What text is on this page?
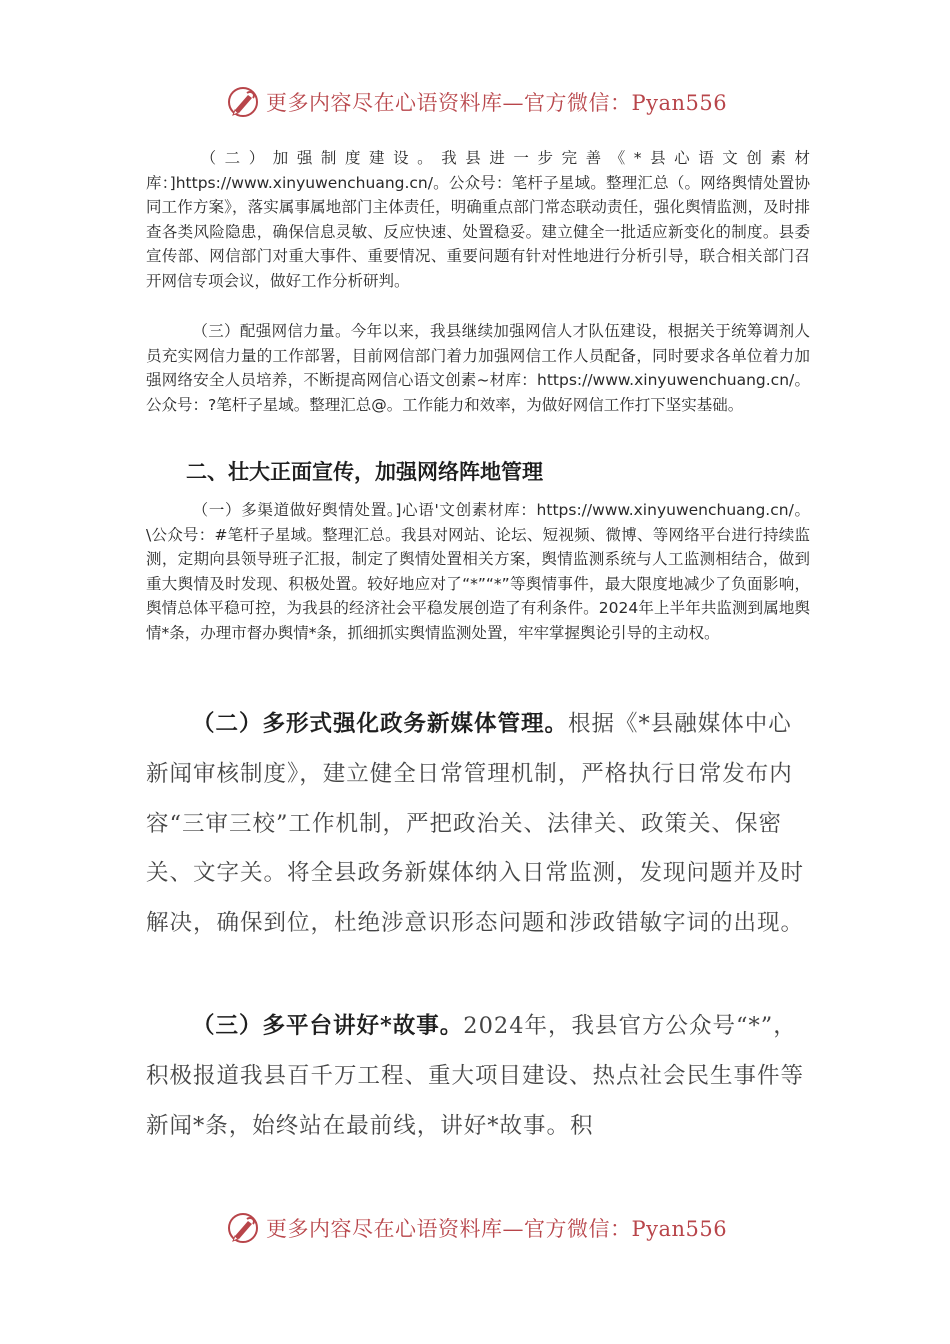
更多内容尽在心语资料库—官方微信：Pyan556

（二）加强制度建设。我县进一步完善《*县心语文创素材库：]https://www.xinyuwenchuang.cn/。公众号：笔杆子星域。整理汇总（。网络舆情处置协同工作方案》，落实属事属地部门主体责任，明确重点部门常态联动责任，强化舆情监测，及时排查各类风险隐患，确保信息灵敏、反应快速、处置稳妥。建立健全一批适应新变化的制度。县委宣传部、网信部门对重大事件、重要情况、重要问题有针对性地进行分析引导，联合相关部门召开网信专项会议，做好工作分析研判。

（三）配强网信力量。今年以来，我县继续加强网信人才队伍建设，根据关于统筹调剂人员充实网信力量的工作部署，目前网信部门着力加强网信工作人员配备，同时要求各单位着力加强网络安全人员培养，不断提高网信心语文创素~材库：https://www.xinyuwenchuang.cn/。公众号：?笔杆子星域。整理汇总@。工作能力和效率，为做好网信工作打下坚实基础。

二、壮大正面宣传，加强网络阵地管理

（一）多渠道做好舆情处置。]心语'文创素材库：https://www.xinyuwenchuang.cn/。\公众号：#笔杆子星域。整理汇总。我县对网站、论坛、短视频、微博、等网络平台进行持续监测，定期向县领导班子汇报，制定了舆情处置相关方案，舆情监测系统与人工监测相结合，做到重大舆情及时发现、积极处置。较好地应对了“*”“*”等舆情事件，最大限度地减少了负面影响，舆情总体平稳可控，为我县的经济社会平稳发展创造了有利条件。2024年上半年共监测到属地舆情*条，办理市督办舆情*条，抓细抓实舆情监测处置，牢牢掌握舆论引导的主动权。

（二）多形式强化政务新媒体管理。根据《*县融媒体中心新闻审核制度》，建立健全日常管理机制，严格执行日常发布内容“三审三校”工作机制，严把政治关、法律关、政策关、保密关、文字关。将全县政务新媒体纳入日常监测，发现问题并及时解决，确保到位，杜绝涉意识形态问题和涉政错敏字词的出现。

（三）多平台讲好*故事。2024年，我县官方公众号“*”，积极报道我县百千万工程、重大项目建设、热点社会民生事件等新闻*条，始终站在最前线，讲好*故事。积

更多内容尽在心语资料库—官方微信：Pyan556
